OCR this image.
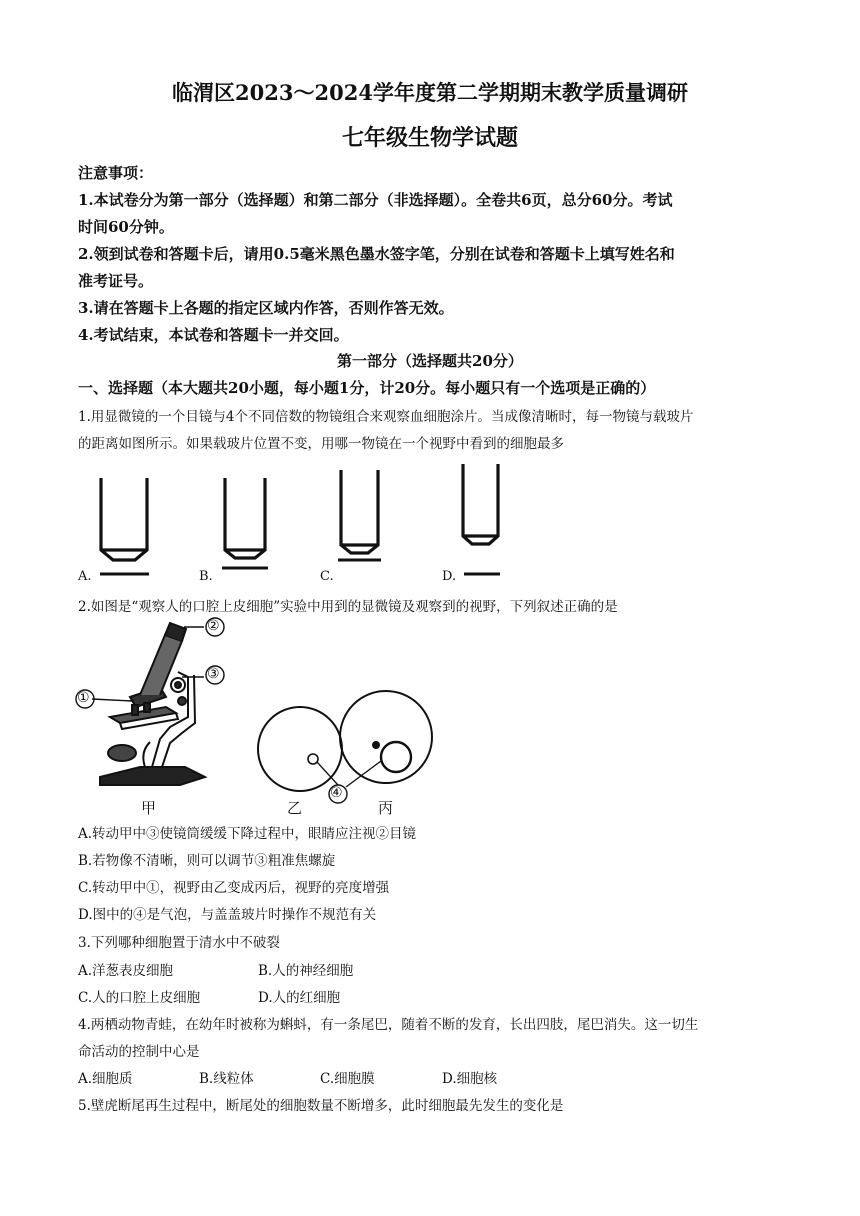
临渭区2023～2024学年度第二学期期末教学质量调研
七年级生物学试题
注意事项：
1.本试卷分为第一部分（选择题）和第二部分（非选择题）。全卷共6页，总分60分。考试
时间60分钟。
2.领到试卷和答题卡后，请用0.5毫米黑色墨水签字笔，分别在试卷和答题卡上填写姓名和
准考证号。
3.请在答题卡上各题的指定区域内作答，否则作答无效。
4.考试结束，本试卷和答题卡一并交回。
第一部分（选择题共20分）
一、选择题（本大题共20小题，每小题1分，计20分。每小题只有一个选项是正确的）
1.用显微镜的一个目镜与4个不同倍数的物镜组合来观察血细胞涂片。当成像清晰时，每一物镜与载玻片
的距离如图所示。如果载玻片位置不变，用哪一物镜在一个视野中看到的细胞最多
A.	B.	C.	D.
2.如图是“观察人的口腔上皮细胞”实验中用到的显微镜及观察到的视野，下列叙述正确的是
②
③
①
④
甲	乙	丙
A.转动甲中③使镜筒缓缓下降过程中，眼睛应注视②目镜
B.若物像不清晰，则可以调节③粗准焦螺旋
C.转动甲中①，视野由乙变成丙后，视野的亮度增强
D.图中的④是气泡，与盖盖玻片时操作不规范有关
3.下列哪种细胞置于清水中不破裂
A.洋葱表皮细胞	B.人的神经细胞
C.人的口腔上皮细胞	D.人的红细胞
4.两栖动物青蛙，在幼年时被称为蝌蚪，有一条尾巴，随着不断的发育，长出四肢，尾巴消失。这一切生
命活动的控制中心是
A.细胞质	B.线粒体	C.细胞膜	D.细胞核
5.壁虎断尾再生过程中，断尾处的细胞数量不断增多，此时细胞最先发生的变化是
